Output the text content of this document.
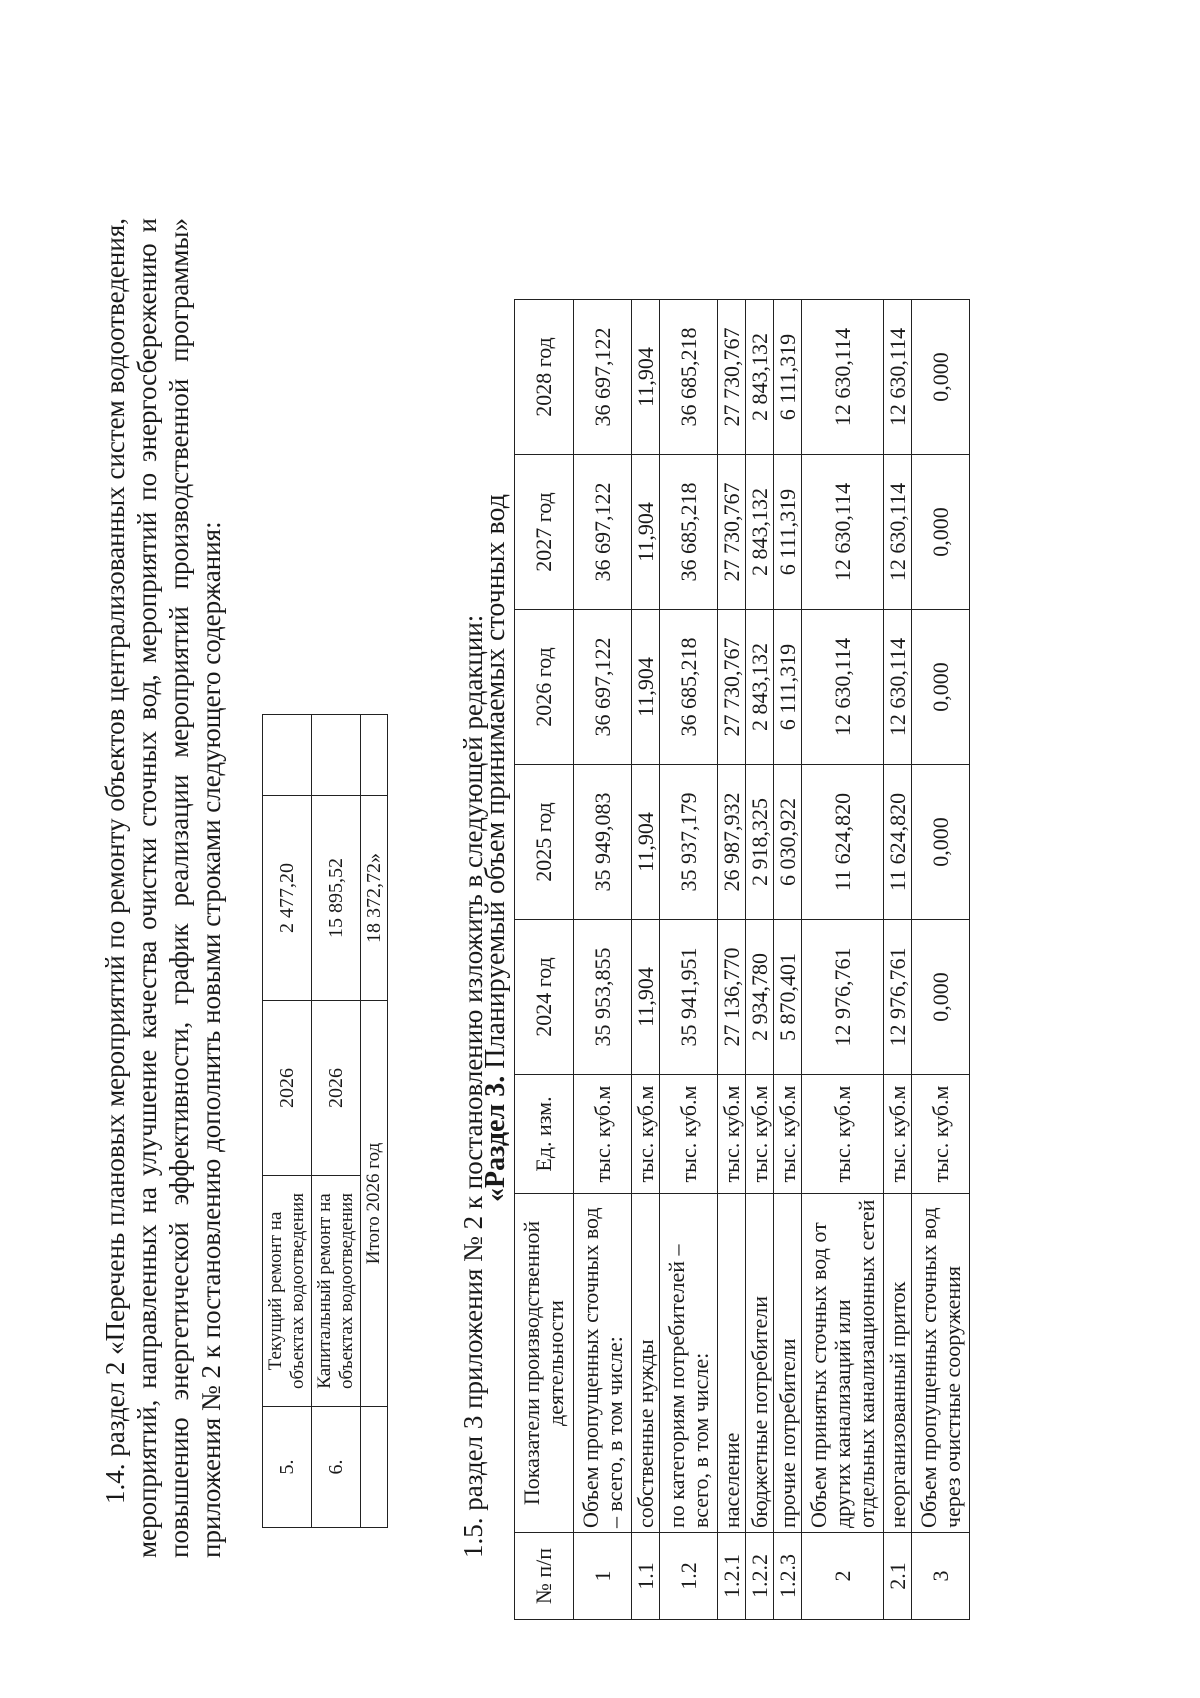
1.4. раздел 2 «Перечень плановых мероприятий по ремонту объектов централизованных систем водоотведения, мероприятий, направленных на улучшение качества очистки сточных вод, мероприятий по энергосбережению и повышению энергетической эффективности, график реализации мероприятий производственной программы» приложения № 2 к постановлению дополнить новыми строками следующего содержания:	5.	Текущий ремонт на объектах водоотведения	2026	2 477,20	
6.	Капитальный ремонт на объектах водоотведения	2026	15 895,52	
	Итого 2026 год		18 372,72»		1.5. раздел 3 приложения № 2 к постановлению изложить в следующей редакции:

«Раздел 3. Планируемый объем принимаемых сточных вод
№ п/п	Показатели производственной деятельности	Ед. изм.	2024 год	2025 год	2026 год	2027 год	2028 год
1	Объем пропущенных сточных вод – всего, в том числе:	тыс. куб.м	35 953,855	35 949,083	36 697,122	36 697,122	36 697,122
1.1	собственные нужды	тыс. куб.м	11,904	11,904	11,904	11,904	11,904
1.2	по категориям потребителей – всего, в том числе:	тыс. куб.м	35 941,951	35 937,179	36 685,218	36 685,218	36 685,218
1.2.1	население	тыс. куб.м	27 136,770	26 987,932	27 730,767	27 730,767	27 730,767
1.2.2	бюджетные потребители	тыс. куб.м	2 934,780	2 918,325	2 843,132	2 843,132	2 843,132
1.2.3	прочие потребители	тыс. куб.м	5 870,401	6 030,922	6 111,319	6 111,319	6 111,319
2	Объем принятых сточных вод от других канализаций или отдельных канализационных сетей	тыс. куб.м	12 976,761	11 624,820	12 630,114	12 630,114	12 630,114
2.1	неорганизованный приток	тыс. куб.м	12 976,761	11 624,820	12 630,114	12 630,114	12 630,114
3	Объем пропущенных сточных вод через очистные сооружения	тыс. куб.м	0,000	0,000	0,000	0,000	0,000
